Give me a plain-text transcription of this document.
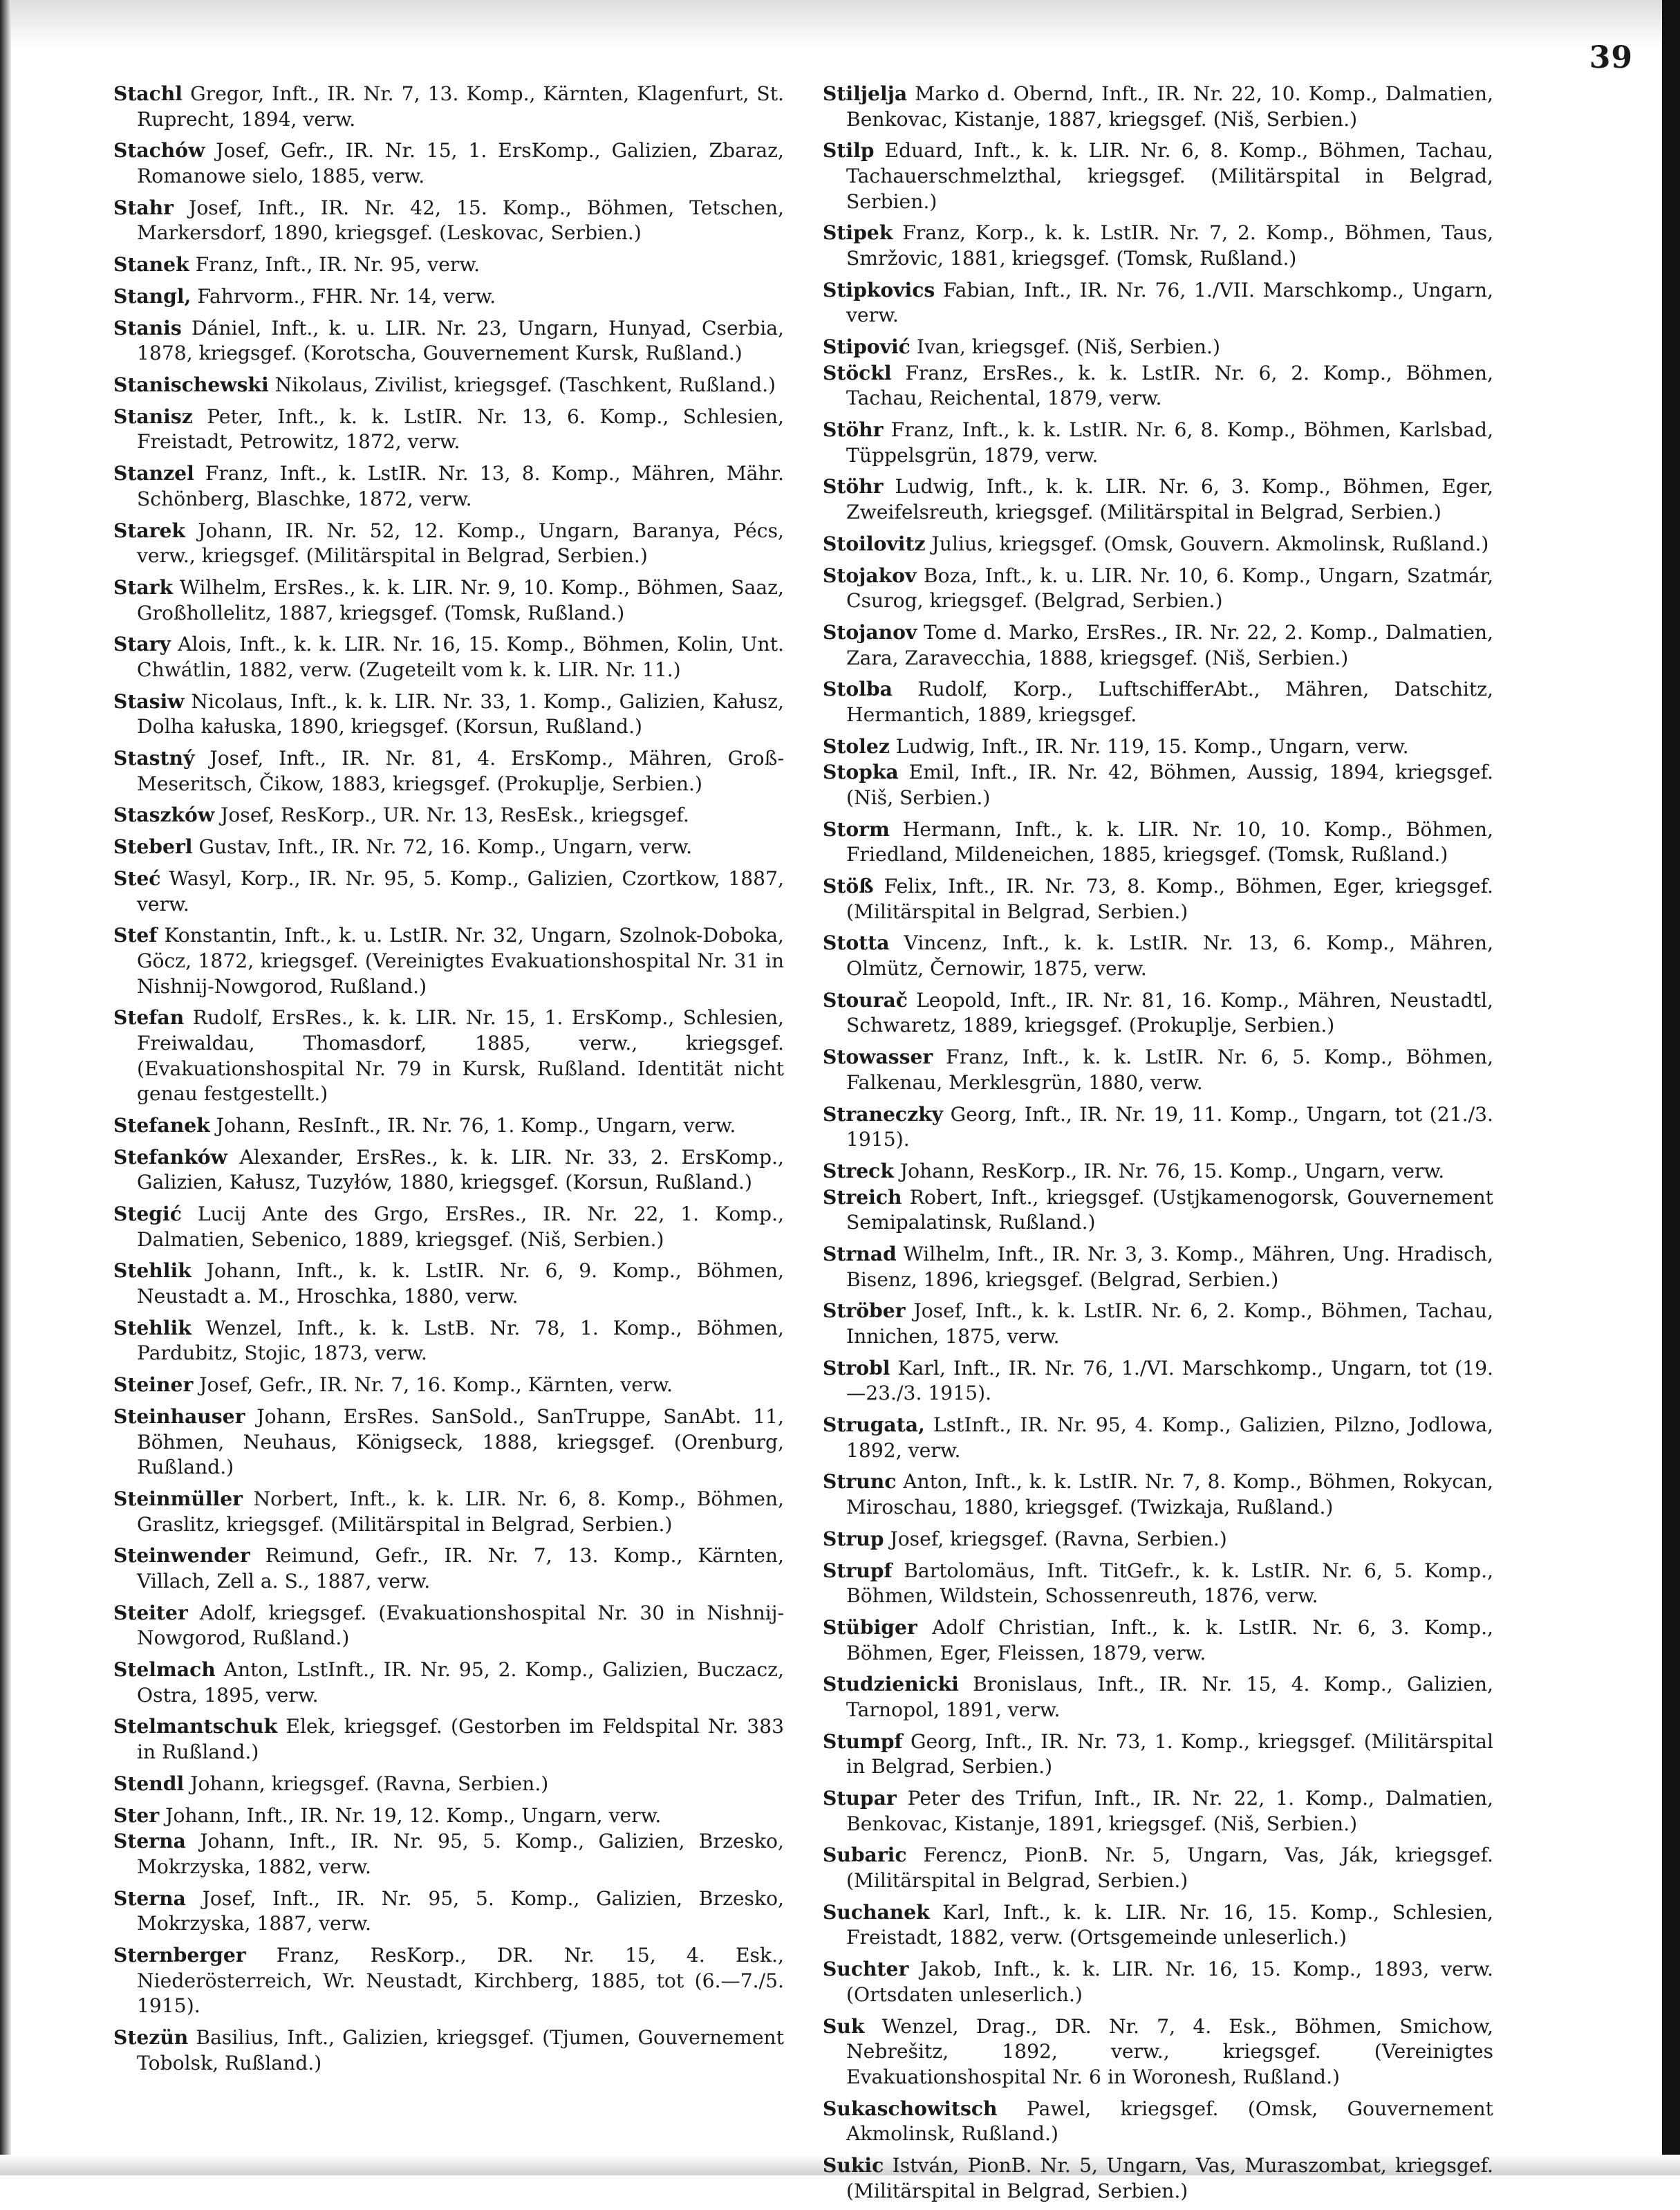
39

Stachl Gregor, Inft., IR. Nr. 7, 13. Komp., Kärnten, Klagenfurt, St. Ruprecht, 1894, verw.

Stachów Josef, Gefr., IR. Nr. 15, 1. ErsKomp., Galizien, Zbaraz, Romanowe sielo, 1885, verw.

Stahr Josef, Inft., IR. Nr. 42, 15. Komp., Böhmen, Tetschen, Markersdorf, 1890, kriegsgef. (Leskovac, Serbien.)

Stanek Franz, Inft., IR. Nr. 95, verw.

Stangl, Fahrvorm., FHR. Nr. 14, verw.

Stanis Dániel, Inft., k. u. LIR. Nr. 23, Ungarn, Hunyad, Cserbia, 1878, kriegsgef. (Korotscha, Gouvernement Kursk, Rußland.)

Stanischewski Nikolaus, Zivilist, kriegsgef. (Taschkent, Rußland.)

Stanisz Peter, Inft., k. k. LstIR. Nr. 13, 6. Komp., Schlesien, Freistadt, Petrowitz, 1872, verw.

Stanzel Franz, Inft., k. LstIR. Nr. 13, 8. Komp., Mähren, Mähr. Schönberg, Blaschke, 1872, verw.

Starek Johann, IR. Nr. 52, 12. Komp., Ungarn, Baranya, Pécs, verw., kriegsgef. (Militärspital in Belgrad, Serbien.)

Stark Wilhelm, ErsRes., k. k. LIR. Nr. 9, 10. Komp., Böhmen, Saaz, Großhollelitz, 1887, kriegsgef. (Tomsk, Rußland.)

Stary Alois, Inft., k. k. LIR. Nr. 16, 15. Komp., Böhmen, Kolin, Unt. Chwátlin, 1882, verw. (Zugeteilt vom k. k. LIR. Nr. 11.)

Stasiw Nicolaus, Inft., k. k. LIR. Nr. 33, 1. Komp., Galizien, Kałusz, Dolha kałuska, 1890, kriegsgef. (Korsun, Rußland.)

Stastný Josef, Inft., IR. Nr. 81, 4. ErsKomp., Mähren, Groß-Meseritsch, Čikow, 1883, kriegsgef. (Prokuplje, Serbien.)

Staszków Josef, ResKorp., UR. Nr. 13, ResEsk., kriegsgef.

Steberl Gustav, Inft., IR. Nr. 72, 16. Komp., Ungarn, verw.

Steć Wasyl, Korp., IR. Nr. 95, 5. Komp., Galizien, Czortkow, 1887, verw.

Stef Konstantin, Inft., k. u. LstIR. Nr. 32, Ungarn, Szolnok-Doboka, Göcz, 1872, kriegsgef. (Vereinigtes Evakuationshospital Nr. 31 in Nishnij-Nowgorod, Rußland.)

Stefan Rudolf, ErsRes., k. k. LIR. Nr. 15, 1. ErsKomp., Schlesien, Freiwaldau, Thomasdorf, 1885, verw., kriegsgef. (Evakuationshospital Nr. 79 in Kursk, Rußland. Identität nicht genau festgestellt.)

Stefanek Johann, ResInft., IR. Nr. 76, 1. Komp., Ungarn, verw.

Stefanków Alexander, ErsRes., k. k. LIR. Nr. 33, 2. ErsKomp., Galizien, Kałusz, Tuzyłów, 1880, kriegsgef. (Korsun, Rußland.)

Stegić Lucij Ante des Grgo, ErsRes., IR. Nr. 22, 1. Komp., Dalmatien, Sebenico, 1889, kriegsgef. (Niš, Serbien.)

Stehlik Johann, Inft., k. k. LstIR. Nr. 6, 9. Komp., Böhmen, Neustadt a. M., Hroschka, 1880, verw.

Stehlik Wenzel, Inft., k. k. LstB. Nr. 78, 1. Komp., Böhmen, Pardubitz, Stojic, 1873, verw.

Steiner Josef, Gefr., IR. Nr. 7, 16. Komp., Kärnten, verw.

Steinhauser Johann, ErsRes. SanSold., SanTruppe, SanAbt. 11, Böhmen, Neuhaus, Königseck, 1888, kriegsgef. (Orenburg, Rußland.)

Steinmüller Norbert, Inft., k. k. LIR. Nr. 6, 8. Komp., Böhmen, Graslitz, kriegsgef. (Militärspital in Belgrad, Serbien.)

Steinwender Reimund, Gefr., IR. Nr. 7, 13. Komp., Kärnten, Villach, Zell a. S., 1887, verw.

Steiter Adolf, kriegsgef. (Evakuationshospital Nr. 30 in Nishnij-Nowgorod, Rußland.)

Stelmach Anton, LstInft., IR. Nr. 95, 2. Komp., Galizien, Buczacz, Ostra, 1895, verw.

Stelmantschuk Elek, kriegsgef. (Gestorben im Feldspital Nr. 383 in Rußland.)

Stendl Johann, kriegsgef. (Ravna, Serbien.)

Ster Johann, Inft., IR. Nr. 19, 12. Komp., Ungarn, verw.

Sterna Johann, Inft., IR. Nr. 95, 5. Komp., Galizien, Brzesko, Mokrzyska, 1882, verw.

Sterna Josef, Inft., IR. Nr. 95, 5. Komp., Galizien, Brzesko, Mokrzyska, 1887, verw.

Sternberger Franz, ResKorp., DR. Nr. 15, 4. Esk., Niederösterreich, Wr. Neustadt, Kirchberg, 1885, tot (6.—7./5. 1915).

Stezün Basilius, Inft., Galizien, kriegsgef. (Tjumen, Gouvernement Tobolsk, Rußland.)

Stiljelja Marko d. Obernd, Inft., IR. Nr. 22, 10. Komp., Dalmatien, Benkovac, Kistanje, 1887, kriegsgef. (Niš, Serbien.)

Stilp Eduard, Inft., k. k. LIR. Nr. 6, 8. Komp., Böhmen, Tachau, Tachauerschmelzthal, kriegsgef. (Militärspital in Belgrad, Serbien.)

Stipek Franz, Korp., k. k. LstIR. Nr. 7, 2. Komp., Böhmen, Taus, Smržovic, 1881, kriegsgef. (Tomsk, Rußland.)

Stipkovics Fabian, Inft., IR. Nr. 76, 1./VII. Marschkomp., Ungarn, verw.

Stipović Ivan, kriegsgef. (Niš, Serbien.)

Stöckl Franz, ErsRes., k. k. LstIR. Nr. 6, 2. Komp., Böhmen, Tachau, Reichental, 1879, verw.

Stöhr Franz, Inft., k. k. LstIR. Nr. 6, 8. Komp., Böhmen, Karlsbad, Tüppelsgrün, 1879, verw.

Stöhr Ludwig, Inft., k. k. LIR. Nr. 6, 3. Komp., Böhmen, Eger, Zweifelsreuth, kriegsgef. (Militärspital in Belgrad, Serbien.)

Stoilovitz Julius, kriegsgef. (Omsk, Gouvern. Akmolinsk, Rußland.)

Stojakov Boza, Inft., k. u. LIR. Nr. 10, 6. Komp., Ungarn, Szatmár, Csurog, kriegsgef. (Belgrad, Serbien.)

Stojanov Tome d. Marko, ErsRes., IR. Nr. 22, 2. Komp., Dalmatien, Zara, Zaravecchia, 1888, kriegsgef. (Niš, Serbien.)

Stolba Rudolf, Korp., LuftschifferAbt., Mähren, Datschitz, Hermantich, 1889, kriegsgef.

Stolez Ludwig, Inft., IR. Nr. 119, 15. Komp., Ungarn, verw.

Stopka Emil, Inft., IR. Nr. 42, Böhmen, Aussig, 1894, kriegsgef. (Niš, Serbien.)

Storm Hermann, Inft., k. k. LIR. Nr. 10, 10. Komp., Böhmen, Friedland, Mildeneichen, 1885, kriegsgef. (Tomsk, Rußland.)

Stöß Felix, Inft., IR. Nr. 73, 8. Komp., Böhmen, Eger, kriegsgef. (Militärspital in Belgrad, Serbien.)

Stotta Vincenz, Inft., k. k. LstIR. Nr. 13, 6. Komp., Mähren, Olmütz, Černowir, 1875, verw.

Stourač Leopold, Inft., IR. Nr. 81, 16. Komp., Mähren, Neustadtl, Schwaretz, 1889, kriegsgef. (Prokuplje, Serbien.)

Stowasser Franz, Inft., k. k. LstIR. Nr. 6, 5. Komp., Böhmen, Falkenau, Merklesgrün, 1880, verw.

Straneczky Georg, Inft., IR. Nr. 19, 11. Komp., Ungarn, tot (21./3. 1915).

Streck Johann, ResKorp., IR. Nr. 76, 15. Komp., Ungarn, verw.

Streich Robert, Inft., kriegsgef. (Ustjkamenogorsk, Gouvernement Semipalatinsk, Rußland.)

Strnad Wilhelm, Inft., IR. Nr. 3, 3. Komp., Mähren, Ung. Hradisch, Bisenz, 1896, kriegsgef. (Belgrad, Serbien.)

Ströber Josef, Inft., k. k. LstIR. Nr. 6, 2. Komp., Böhmen, Tachau, Innichen, 1875, verw.

Strobl Karl, Inft., IR. Nr. 76, 1./VI. Marschkomp., Ungarn, tot (19.—23./3. 1915).

Strugata, LstInft., IR. Nr. 95, 4. Komp., Galizien, Pilzno, Jodlowa, 1892, verw.

Strunc Anton, Inft., k. k. LstIR. Nr. 7, 8. Komp., Böhmen, Rokycan, Miroschau, 1880, kriegsgef. (Twizkaja, Rußland.)

Strup Josef, kriegsgef. (Ravna, Serbien.)

Strupf Bartolomäus, Inft. TitGefr., k. k. LstIR. Nr. 6, 5. Komp., Böhmen, Wildstein, Schossenreuth, 1876, verw.

Stübiger Adolf Christian, Inft., k. k. LstIR. Nr. 6, 3. Komp., Böhmen, Eger, Fleissen, 1879, verw.

Studzienicki Bronislaus, Inft., IR. Nr. 15, 4. Komp., Galizien, Tarnopol, 1891, verw.

Stumpf Georg, Inft., IR. Nr. 73, 1. Komp., kriegsgef. (Militärspital in Belgrad, Serbien.)

Stupar Peter des Trifun, Inft., IR. Nr. 22, 1. Komp., Dalmatien, Benkovac, Kistanje, 1891, kriegsgef. (Niš, Serbien.)

Subaric Ferencz, PionB. Nr. 5, Ungarn, Vas, Ják, kriegsgef. (Militärspital in Belgrad, Serbien.)

Suchanek Karl, Inft., k. k. LIR. Nr. 16, 15. Komp., Schlesien, Freistadt, 1882, verw. (Ortsgemeinde unleserlich.)

Suchter Jakob, Inft., k. k. LIR. Nr. 16, 15. Komp., 1893, verw. (Ortsdaten unleserlich.)

Suk Wenzel, Drag., DR. Nr. 7, 4. Esk., Böhmen, Smichow, Nebrešitz, 1892, verw., kriegsgef. (Vereinigtes Evakuationshospital Nr. 6 in Woronesh, Rußland.)

Sukaschowitsch Pawel, kriegsgef. (Omsk, Gouvernement Akmolinsk, Rußland.)

Sukic István, PionB. Nr. 5, Ungarn, Vas, Muraszombat, kriegsgef. (Militärspital in Belgrad, Serbien.)
